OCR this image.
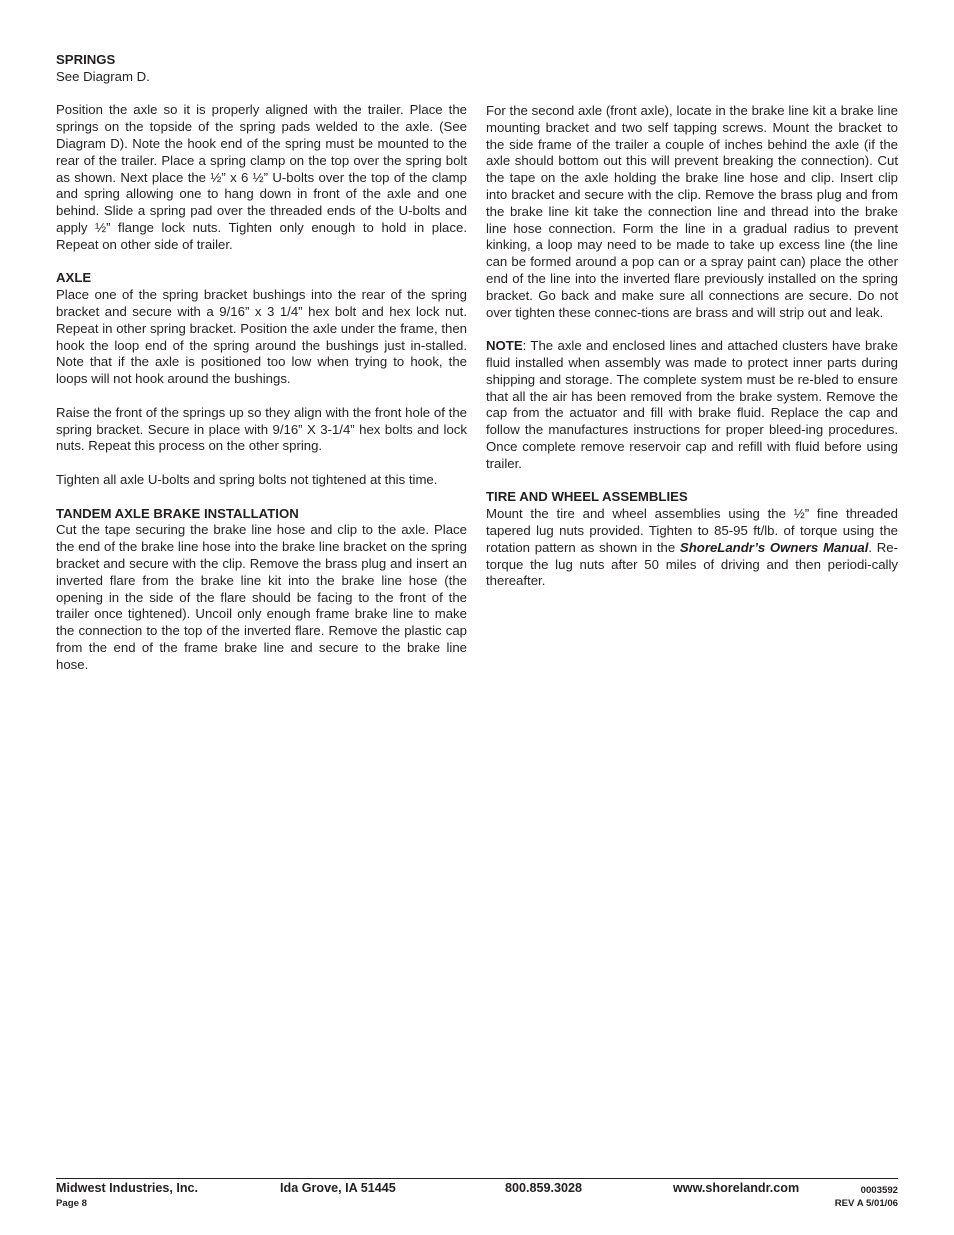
SPRINGS

See Diagram D.

Position the axle so it is properly aligned with the trailer. Place the springs on the topside of the spring pads welded to the axle. (See Diagram D). Note the hook end of the spring must be mounted to the rear of the trailer. Place a spring clamp on the top over the spring bolt as shown. Next place the ½” x 6 ½” U-bolts over the top of the clamp and spring allowing one to hang down in front of the axle and one behind. Slide a spring pad over the threaded ends of the U-bolts and apply ½” flange lock nuts. Tighten only enough to hold in place. Repeat on other side of trailer.

AXLE

Place one of the spring bracket bushings into the rear of the spring bracket and secure with a 9/16” x 3 1/4” hex bolt and hex lock nut. Repeat in other spring bracket. Position the axle under the frame, then hook the loop end of the spring around the bushings just in-stalled. Note that if the axle is positioned too low when trying to hook, the loops will not hook around the bushings.

Raise the front of the springs up so they align with the front hole of the spring bracket. Secure in place with 9/16” X 3-1/4” hex bolts and lock nuts. Repeat this process on the other spring.

Tighten all axle U-bolts and spring bolts not tightened at this time.

TANDEM AXLE BRAKE INSTALLATION

Cut the tape securing the brake line hose and clip to the axle. Place the end of the brake line hose into the brake line bracket on the spring bracket and secure with the clip. Remove the brass plug and insert an inverted flare from the brake line kit into the brake line hose (the opening in the side of the flare should be facing to the front of the trailer once tightened). Uncoil only enough frame brake line to make the connection to the top of the inverted flare. Remove the plastic cap from the end of the frame brake line and secure to the brake line hose.

For the second axle (front axle), locate in the brake line kit a brake line mounting bracket and two self tapping screws. Mount the bracket to the side frame of the trailer a couple of inches behind the axle (if the axle should bottom out this will prevent breaking the connection). Cut the tape on the axle holding the brake line hose and clip. Insert clip into bracket and secure with the clip. Remove the brass plug and from the brake line kit take the connection line and thread into the brake line hose connection. Form the line in a gradual radius to prevent kinking, a loop may need to be made to take up excess line (the line can be formed around a pop can or a spray paint can) place the other end of the line into the inverted flare previously installed on the spring bracket. Go back and make sure all connections are secure. Do not over tighten these connec-tions are brass and will strip out and leak.

NOTE: The axle and enclosed lines and attached clusters have brake fluid installed when assembly was made to protect inner parts during shipping and storage. The complete system must be re-bled to ensure that all the air has been removed from the brake system. Remove the cap from the actuator and fill with brake fluid. Replace the cap and follow the manufactures instructions for proper bleed-ing procedures. Once complete remove reservoir cap and refill with fluid before using trailer.

TIRE AND WHEEL ASSEMBLIES

Mount the tire and wheel assemblies using the ½” fine threaded tapered lug nuts provided. Tighten to 85-95 ft/lb. of torque using the rotation pattern as shown in the ShoreLandr’s Owners Manual. Re-torque the lug nuts after 50 miles of driving and then periodi-cally thereafter.

Midwest Industries, Inc.
Page 8
Ida Grove, IA 51445	800.859.3028	www.shorelandr.com	0003592
REV A 5/01/06
